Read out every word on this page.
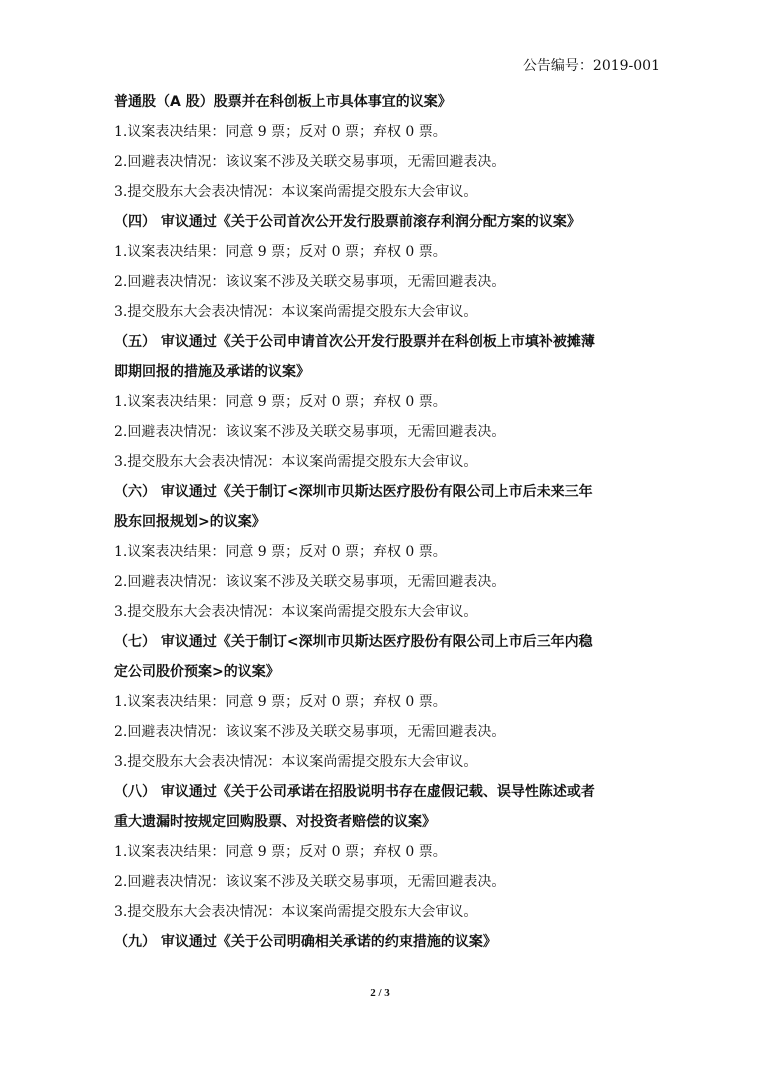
公告编号：2019-001
普通股（A 股）股票并在科创板上市具体事宜的议案》
1.议案表决结果：同意 9 票；反对 0 票；弃权 0 票。
2.回避表决情况：该议案不涉及关联交易事项，无需回避表决。
3.提交股东大会表决情况：本议案尚需提交股东大会审议。
（四） 审议通过《关于公司首次公开发行股票前滚存利润分配方案的议案》
1.议案表决结果：同意 9 票；反对 0 票；弃权 0 票。
2.回避表决情况：该议案不涉及关联交易事项，无需回避表决。
3.提交股东大会表决情况：本议案尚需提交股东大会审议。
（五） 审议通过《关于公司申请首次公开发行股票并在科创板上市填补被摊薄
即期回报的措施及承诺的议案》
1.议案表决结果：同意 9 票；反对 0 票；弃权 0 票。
2.回避表决情况：该议案不涉及关联交易事项，无需回避表决。
3.提交股东大会表决情况：本议案尚需提交股东大会审议。
（六） 审议通过《关于制订<深圳市贝斯达医疗股份有限公司上市后未来三年
股东回报规划>的议案》
1.议案表决结果：同意 9 票；反对 0 票；弃权 0 票。
2.回避表决情况：该议案不涉及关联交易事项，无需回避表决。
3.提交股东大会表决情况：本议案尚需提交股东大会审议。
（七） 审议通过《关于制订<深圳市贝斯达医疗股份有限公司上市后三年内稳
定公司股价预案>的议案》
1.议案表决结果：同意 9 票；反对 0 票；弃权 0 票。
2.回避表决情况：该议案不涉及关联交易事项，无需回避表决。
3.提交股东大会表决情况：本议案尚需提交股东大会审议。
（八） 审议通过《关于公司承诺在招股说明书存在虚假记载、误导性陈述或者
重大遗漏时按规定回购股票、对投资者赔偿的议案》
1.议案表决结果：同意 9 票；反对 0 票；弃权 0 票。
2.回避表决情况：该议案不涉及关联交易事项，无需回避表决。
3.提交股东大会表决情况：本议案尚需提交股东大会审议。
（九） 审议通过《关于公司明确相关承诺的约束措施的议案》
2 / 3
